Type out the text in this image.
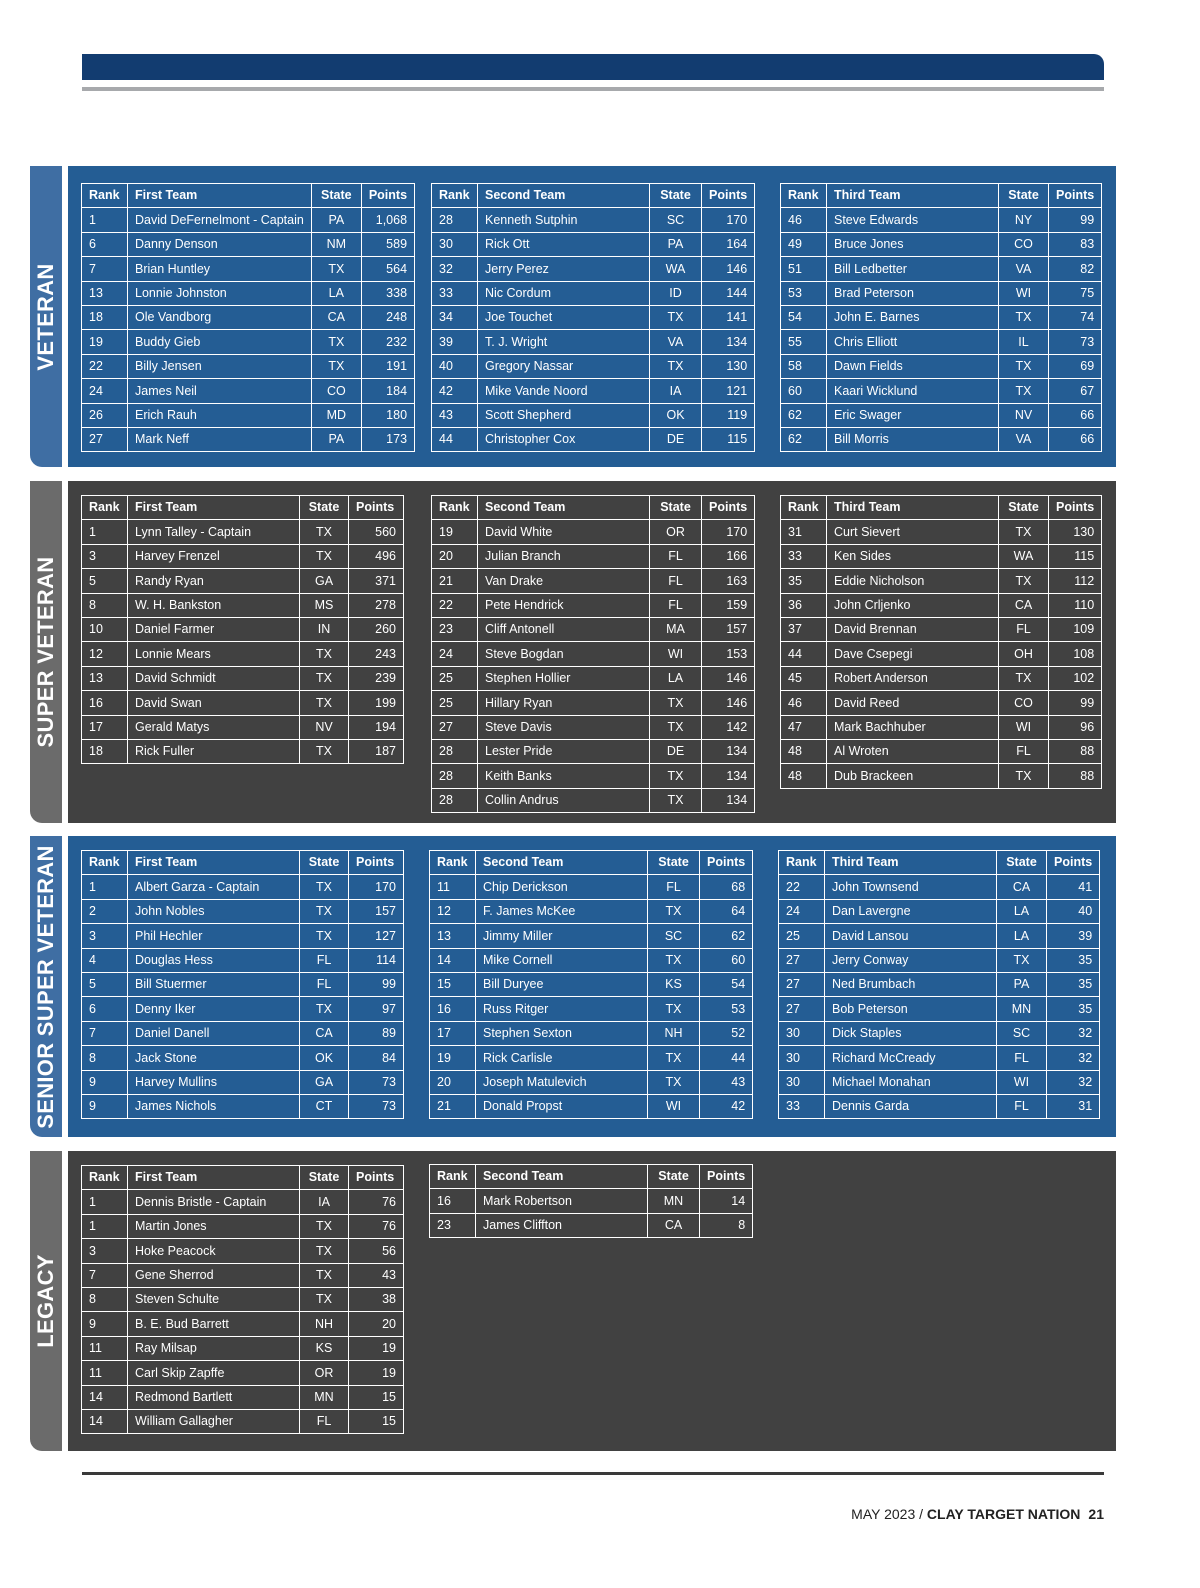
VETERAN
Rank	First Team	State	Points
1	David DeFernelmont - Captain	PA	1,068
6	Danny Denson	NM	589
7	Brian Huntley	TX	564
13	Lonnie Johnston	LA	338
18	Ole Vandborg	CA	248
19	Buddy Gieb	TX	232
22	Billy Jensen	TX	191
24	James Neil	CO	184
26	Erich Rauh	MD	180
27	Mark Neff	PA	173
Rank	Second Team	State	Points
28	Kenneth Sutphin	SC	170
30	Rick Ott	PA	164
32	Jerry Perez	WA	146
33	Nic Cordum	ID	144
34	Joe Touchet	TX	141
39	T. J. Wright	VA	134
40	Gregory Nassar	TX	130
42	Mike Vande Noord	IA	121
43	Scott Shepherd	OK	119
44	Christopher Cox	DE	115
Rank	Third Team	State	Points
46	Steve Edwards	NY	99
49	Bruce Jones	CO	83
51	Bill Ledbetter	VA	82
53	Brad Peterson	WI	75
54	John E. Barnes	TX	74
55	Chris Elliott	IL	73
58	Dawn Fields	TX	69
60	Kaari Wicklund	TX	67
62	Eric Swager	NV	66
62	Bill Morris	VA	66
SUPER VETERAN
Rank	First Team	State	Points
1	Lynn Talley - Captain	TX	560
3	Harvey Frenzel	TX	496
5	Randy Ryan	GA	371
8	W. H. Bankston	MS	278
10	Daniel Farmer	IN	260
12	Lonnie Mears	TX	243
13	David Schmidt	TX	239
16	David Swan	TX	199
17	Gerald Matys	NV	194
18	Rick Fuller	TX	187
Rank	Second Team	State	Points
19	David White	OR	170
20	Julian Branch	FL	166
21	Van Drake	FL	163
22	Pete Hendrick	FL	159
23	Cliff Antonell	MA	157
24	Steve Bogdan	WI	153
25	Stephen Hollier	LA	146
25	Hillary Ryan	TX	146
27	Steve Davis	TX	142
28	Lester Pride	DE	134
28	Keith Banks	TX	134
28	Collin Andrus	TX	134
Rank	Third Team	State	Points
31	Curt Sievert	TX	130
33	Ken Sides	WA	115
35	Eddie Nicholson	TX	112
36	John Crljenko	CA	110
37	David Brennan	FL	109
44	Dave Csepegi	OH	108
45	Robert Anderson	TX	102
46	David Reed	CO	99
47	Mark Bachhuber	WI	96
48	Al Wroten	FL	88
48	Dub Brackeen	TX	88
SENIOR SUPER VETERAN Rank	First Team	State	Points
1	Albert Garza - Captain	TX	170
2	John Nobles	TX	157
3	Phil Hechler	TX	127
4	Douglas Hess	FL	114
5	Bill Stuermer	FL	99
6	Denny Iker	TX	97
7	Daniel Danell	CA	89
8	Jack Stone	OK	84
9	Harvey Mullins	GA	73
9	James Nichols	CT	73
Rank	Second Team	State	Points
11	Chip Derickson	FL	68
12	F. James McKee	TX	64
13	Jimmy Miller	SC	62
14	Mike Cornell	TX	60
15	Bill Duryee	KS	54
16	Russ Ritger	TX	53
17	Stephen Sexton	NH	52
19	Rick Carlisle	TX	44
20	Joseph Matulevich	TX	43
21	Donald Propst	WI	42
Rank	Third Team	State	Points
22	John Townsend	CA	41
24	Dan Lavergne	LA	40
25	David Lansou	LA	39
27	Jerry Conway	TX	35
27	Ned Brumbach	PA	35
27	Bob Peterson	MN	35
30	Dick Staples	SC	32
30	Richard McCready	FL	32
30	Michael Monahan	WI	32
33	Dennis Garda	FL	31
LEGACY
Rank	First Team	State	Points
1	Dennis Bristle - Captain	IA	76
1	Martin Jones	TX	76
3	Hoke Peacock	TX	56
7	Gene Sherrod	TX	43
8	Steven Schulte	TX	38
9	B. E. Bud Barrett	NH	20
11	Ray Milsap	KS	19
11	Carl Skip Zapffe	OR	19
14	Redmond Bartlett	MN	15
14	William Gallagher	FL	15
Rank	Second Team	State	Points
16	Mark Robertson	MN	14
23	James Cliffton	CA	8
MAY 2023 / CLAY TARGET NATION 21
